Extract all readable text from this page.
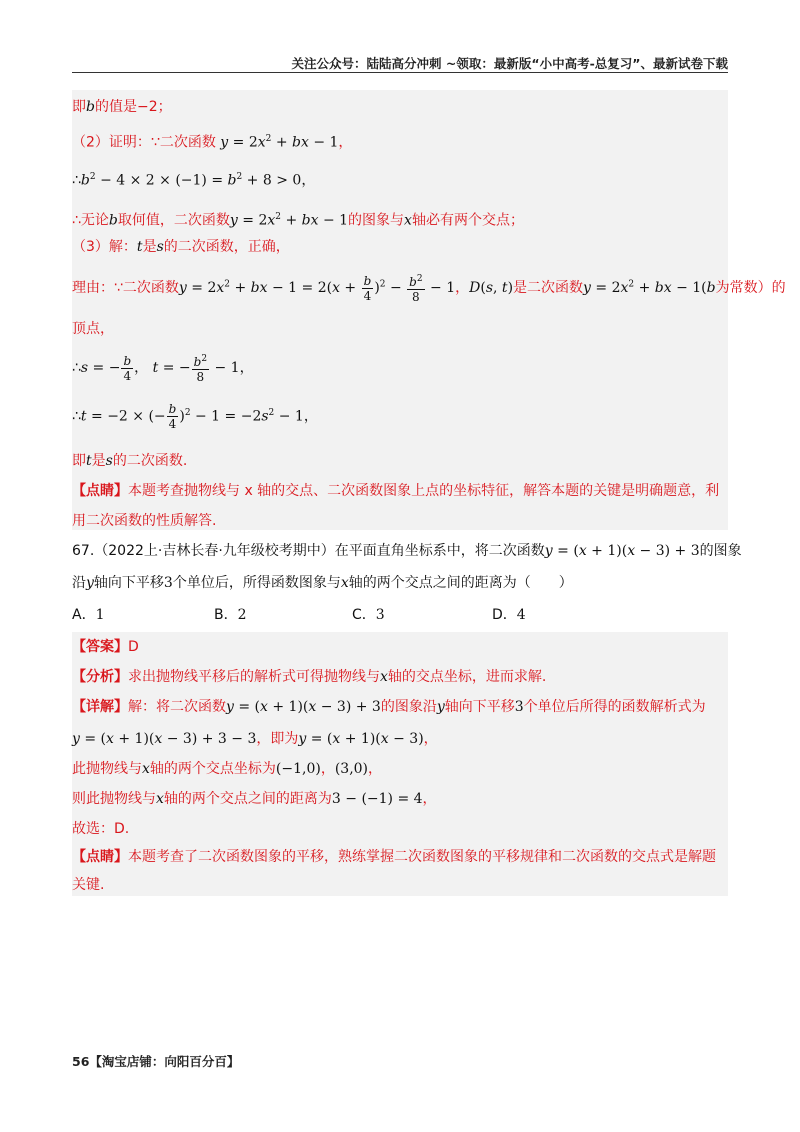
关注公众号：陆陆高分冲刺 ~领取：最新版“小中高考-总复习”、最新试卷下载
即b的值是−2；
（2）证明：∵二次函数 $y = 2x^2$ + bx − 1，
$\therefore b^2 - 4 \times 2 \times (-1) = b^2 + 8 > 0$，
∴无论b取何值，二次函数$y = 2x^2$ + bx − 1的图象与x轴必有两个交点；
（3）解：t是s的二次函数，正确，
理由：∵二次函数$y = 2x^2$ + bx − $1 = 2(x + \frac{b}{4} )^2 - \frac{b^2}{8} - 1$，D(s, t)是二次函数$y = 2x^2$ + bx − 1(b为常数）的
顶点，
∴s = − $\frac{b}{4}$ ， t = − $\frac{b^2}{8} - 1$，
∴t = −2 × (− $\frac{b}{4} )^2 - 1 = -2s^2 - 1$，
即t是s的二次函数.
【点睛】本题考查抛物线与 x 轴的交点、二次函数图象上点的坐标特征，解答本题的关键是明确题意，利
用二次函数的性质解答.
67.（2022上·吉林长春·九年级校考期中）在平面直角坐标系中，将二次函数y = (x + 1)(x − 3) + 3的图象
沿y轴向下平移3个单位后，所得函数图象与x轴的两个交点之间的距离为（　　）
A．1	B．2	C．3	D．4
【答案】D
【分析】求出抛物线平移后的解析式可得抛物线与x轴的交点坐标，进而求解.
【详解】解：将二次函数y = (x + 1)(x − 3) + 3的图象沿y轴向下平移3个单位后所得的函数解析式为
y = (x + 1)(x − 3) + 3 − 3，即为y = (x + 1)(x − 3)，
此抛物线与x轴的两个交点坐标为(−1,0)，(3,0)，
则此抛物线与x轴的两个交点之间的距离为3 − (−1) = 4，
故选：D.
【点睛】本题考查了二次函数图象的平移，熟练掌握二次函数图象的平移规律和二次函数的交点式是解题
关键.
56【淘宝店铺：向阳百分百】
